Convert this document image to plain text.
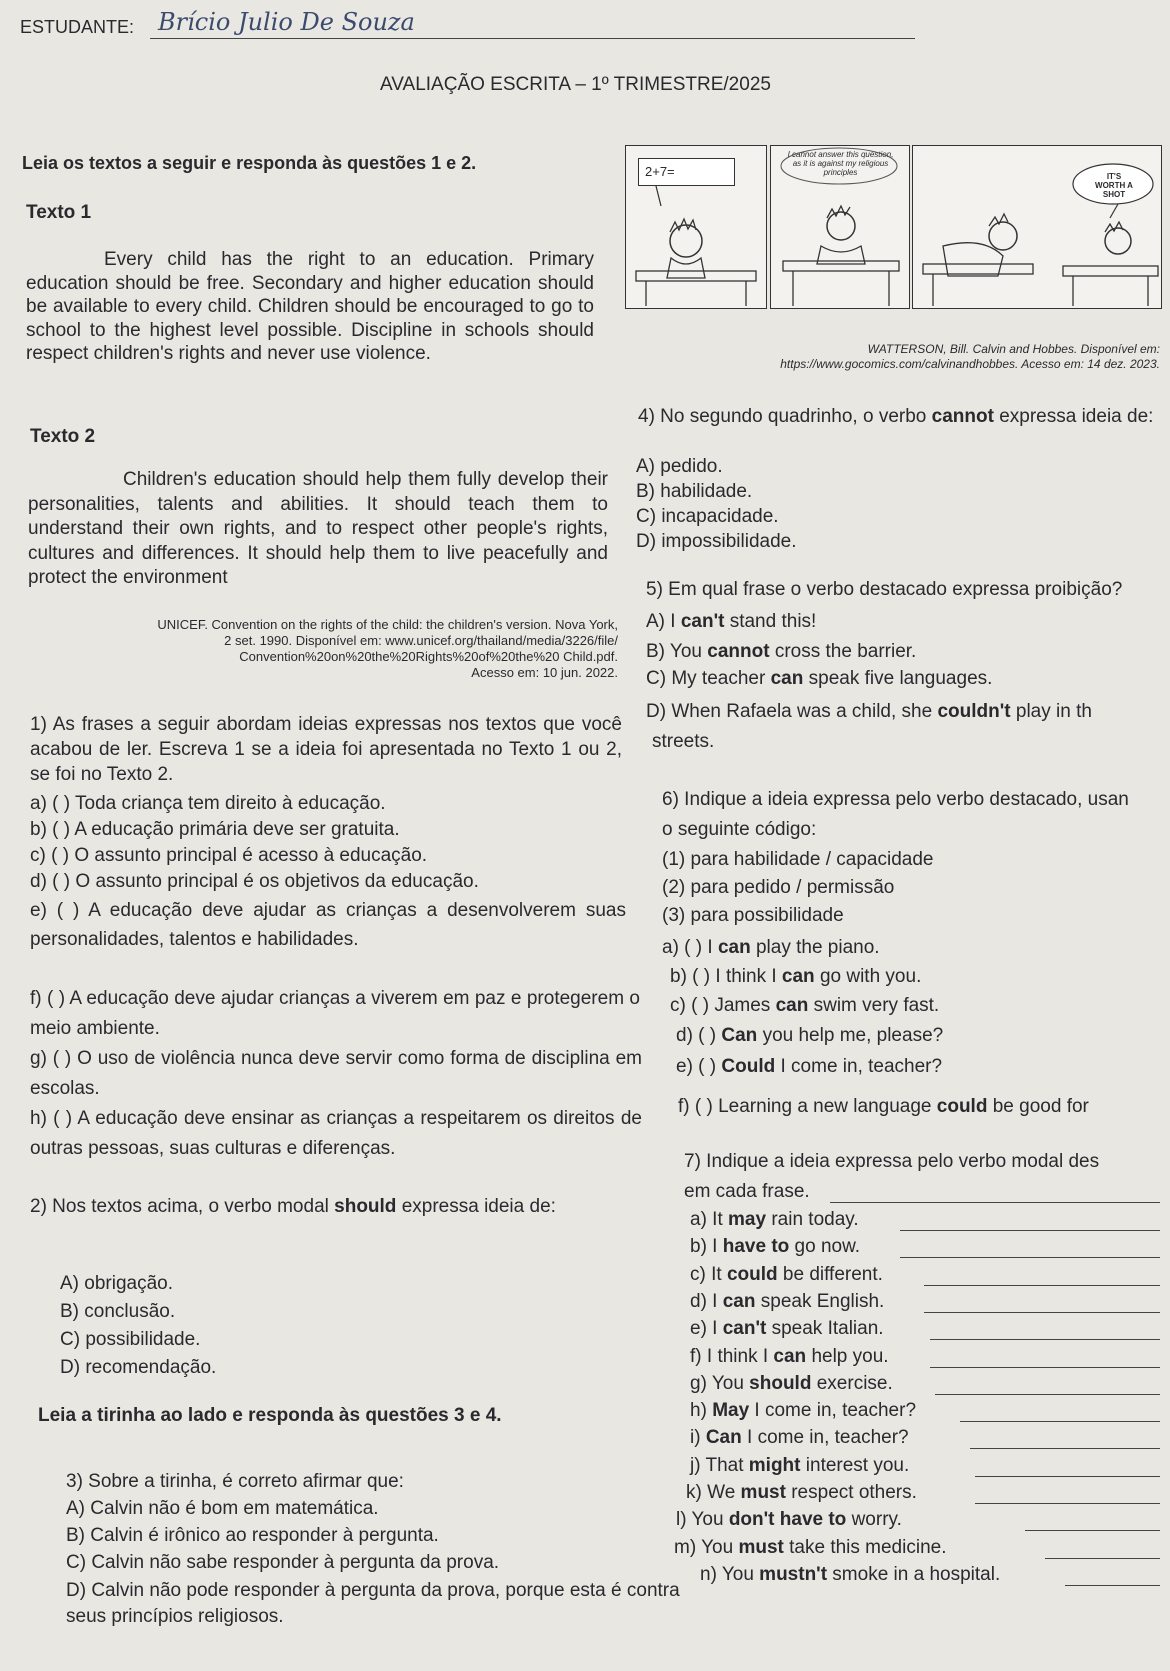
ESTUDANTE: Brício Julio De Souza
AVALIAÇÃO ESCRITA – 1º TRIMESTRE/2025
Leia os textos a seguir e responda às questões 1 e 2.
Texto 1
Every child has the right to an education. Primary education should be free. Secondary and higher education should be available to every child. Children should be encouraged to go to school to the highest level possible. Discipline in schools should respect children's rights and never use violence.
Texto 2
Children's education should help them fully develop their personalities, talents and abilities. It should teach them to understand their own rights, and to respect other people's rights, cultures and differences. It should help them to live peacefully and protect the environment
UNICEF. Convention on the rights of the child: the children's version. Nova York,
2 set. 1990. Disponível em: www.unicef.org/thailand/media/3226/file/
Convention%20on%20the%20Rights%20of%20the%20 Child.pdf.
Acesso em: 10 jun. 2022.
2+7=
I cannot answer this question, as it is against my religious principles	IT'S WORTH A SHOT
WATTERSON, Bill. Calvin and Hobbes. Disponível em:
https://www.gocomics.com/calvinandhobbes. Acesso em: 14 dez. 2023.
4) No segundo quadrinho, o verbo cannot expressa ideia de:
A) pedido.
B) habilidade.
C) incapacidade.
D) impossibilidade.
5) Em qual frase o verbo destacado expressa proibição?
A) I can't stand this!
B) You cannot cross the barrier.
C) My teacher can speak five languages.
D) When Rafaela was a child, she couldn't play in th
streets.
1) As frases a seguir abordam ideias expressas nos textos que você acabou de ler. Escreva 1 se a ideia foi apresentada no Texto 1 ou 2, se foi no Texto 2.
a) ( ) Toda criança tem direito à educação.
b) ( ) A educação primária deve ser gratuita.
c) ( ) O assunto principal é acesso à educação.
d) ( ) O assunto principal é os objetivos da educação.
e) ( ) A educação deve ajudar as crianças a desenvolverem suas personalidades, talentos e habilidades.
f) ( ) A educação deve ajudar crianças a viverem em paz e protegerem o meio ambiente.
g) ( ) O uso de violência nunca deve servir como forma de disciplina em escolas.
h) ( ) A educação deve ensinar as crianças a respeitarem os direitos de outras pessoas, suas culturas e diferenças.
6) Indique a ideia expressa pelo verbo destacado, usan
o seguinte código:
(1) para habilidade / capacidade
(2) para pedido / permissão
(3) para possibilidade
a) ( ) I can play the piano.
b) ( ) I think I can go with you.
c) ( ) James can swim very fast.
d) ( ) Can you help me, please?
e) ( ) Could I come in, teacher?
f) ( ) Learning a new language could be good for
2) Nos textos acima, o verbo modal should expressa ideia de:
A) obrigação.
B) conclusão.
C) possibilidade.
D) recomendação.
Leia a tirinha ao lado e responda às questões 3 e 4.
3) Sobre a tirinha, é correto afirmar que:
A) Calvin não é bom em matemática.
B) Calvin é irônico ao responder à pergunta.
C) Calvin não sabe responder à pergunta da prova.
D) Calvin não pode responder à pergunta da prova, porque esta é contra seus princípios religiosos.
7) Indique a ideia expressa pelo verbo modal des
em cada frase.
a) It may rain today.
b) I have to go now.
c) It could be different.
d) I can speak English.
e) I can't speak Italian.
f) I think I can help you.
g) You should exercise.
h) May I come in, teacher?
i) Can I come in, teacher?
j) That might interest you.
k) We must respect others.
l) You don't have to worry.
m) You must take this medicine.
n) You mustn't smoke in a hospital.
